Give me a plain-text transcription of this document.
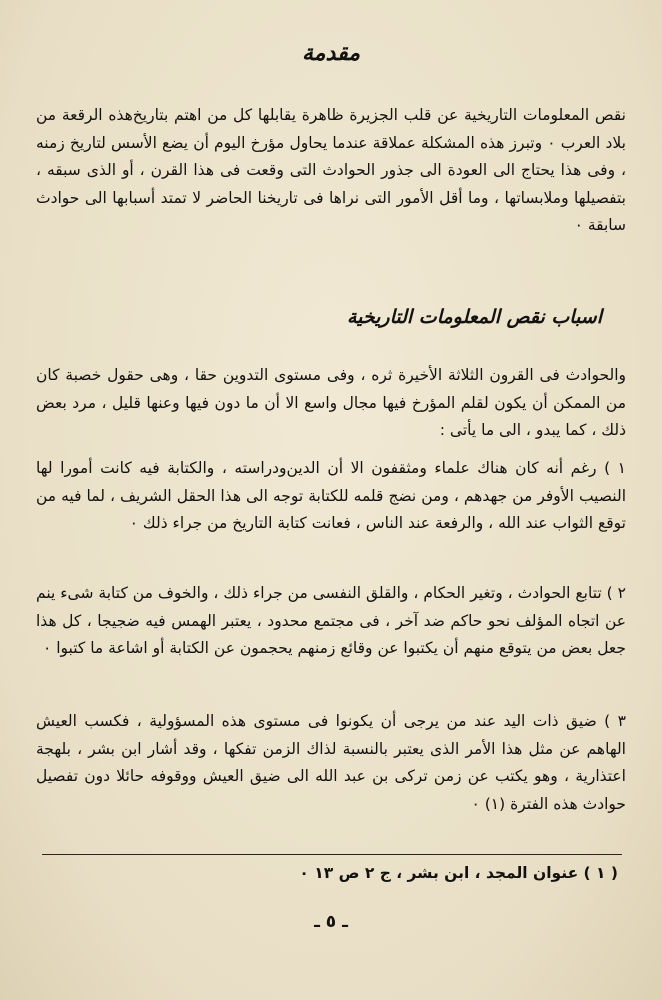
مقدمة
نقص المعلومات التاريخية عن قلب الجزيرة ظاهرة يقابلها كل من اهتم بتاريخ‌هذه الرقعة من بلاد العرب ٠ وتبرز هذه المشكلة عملاقة عندما يحاول مؤرخ اليوم أن يضع الأسس لتاريخ زمنه ، وفى هذا يحتاج الى العودة الى جذور الحوادث التى وقعت فى هذا القرن ، أو الذى سبقه ، بتفصيلها وملابساتها ، وما أقل الأمور التى نراها فى تاريخنا الحاضر لا تمتد أسبابها الى حوادث سابقة ٠
اسباب نقص المعلومات التاريخية
والحوادث فى القرون الثلاثة الأخيرة ثره ، وفى مستوى التدوين حقا ، وهى حقول خصبة كان من الممكن أن يكون لقلم المؤرخ فيها مجال واسع الا أن ما دون فيها وعنها قليل ، مرد بعض ذلك ، كما يبدو ، الى ما يأتى :
١ ) رغم أنه كان هناك علماء ومثقفون الا أن الدين‌ودراسته ، والكتابة فيه كانت أمورا لها النصيب الأوفر من جهدهم ، ومن نضج قلمه للكتابة توجه الى هذا الحقل الشريف ، لما فيه من توقع الثواب عند الله ، والرفعة عند الناس ، فعانت كتابة التاريخ من جراء ذلك ٠
٢ ) تتابع الحوادث ، وتغير الحكام ، والقلق النفسى من جراء ذلك ، والخوف من كتابة شىء ينم عن اتجاه المؤلف نحو حاكم ضد آخر ، فى مجتمع محدود ، يعتبر الهمس فيه ضجيجا ، كل هذا جعل بعض من يتوقع منهم أن يكتبوا عن وقائع زمنهم يحجمون عن الكتابة أو اشاعة ما كتبوا ٠
٣ ) ضيق ذات اليد عند من يرجى أن يكونوا فى مستوى هذه المسؤولية ، فكسب العيش الهاهم عن مثل هذا الأمر الذى يعتبر بالنسبة لذاك الزمن تفكها ، وقد أشار ابن بشر ، بلهجة اعتذارية ، وهو يكتب عن زمن تركى بن عبد الله الى ضيق العيش ووقوفه حائلا دون تفصيل حوادث هذه الفترة (١) ٠
( ١ ) عنوان المجد ، ابن بشر ، ج ٢ ص ١٣ ٠
ـ ٥ ـ
